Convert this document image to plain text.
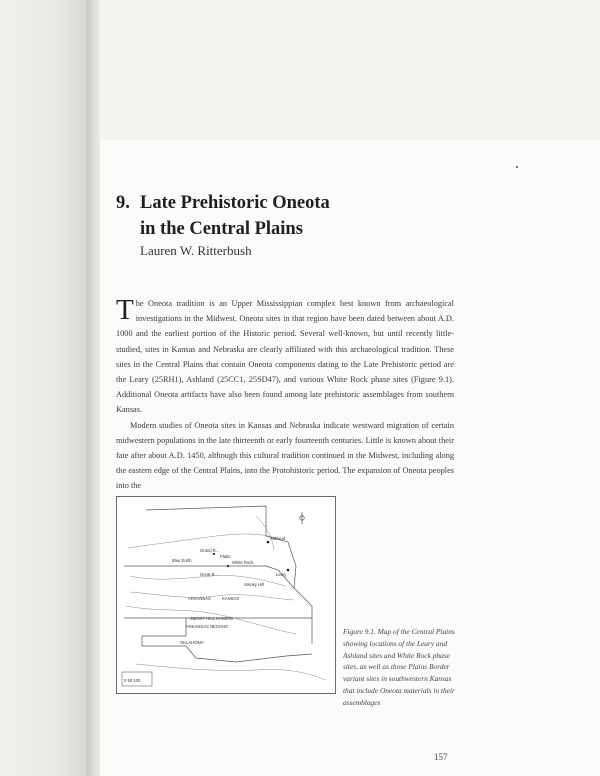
9. Late Prehistoric Oneota
in the Central Plains
Lauren W. Ritterbush

The Oneota tradition is an Upper Mississippian complex best known from archaeological investigations in the Midwest. Oneota sites in that region have been dated between about A.D. 1000 and the earliest portion of the Historic period. Several well-known, but until recently little-studied, sites in Kansas and Nebraska are clearly affiliated with this archaeological tradition. These sites in the Central Plains that contain Oneota components dating to the Late Prehistoric period are the Leary (25RH1), Ashland (25CC1, 25SD47), and various White Rock phase sites (Figure 9.1). Additional Oneota artifacts have also been found among late prehistoric assemblages from southern Kansas.

Modern studies of Oneota sites in Kansas and Nebraska indicate westward migration of certain midwestern populations in the late thirteenth or early fourteenth centuries. Little is known about their fate after about A.D. 1450, although this cultural tradition continued in the Midwest, including along the eastern edge of the Central Plains, into the Protohistoric period. The expansion of Oneota peoples into the

Ashland
Leary
Grand R...
Blue Earth	White Rock
Great B...
Platte
Smoky Hill
ARKANSAS	KANSAS
SMOKY HILL KANSAS
ARKANSAS NEOSHO
OKLAHOMA
0 50 100
Figure 9.1. Map of the Central Plains showing locations of the Leary and Ashland sites and White Rock phase sites, as well as those Plains Border variant sites in southwestern Kansas that include Oneota materials in their assemblages
157
